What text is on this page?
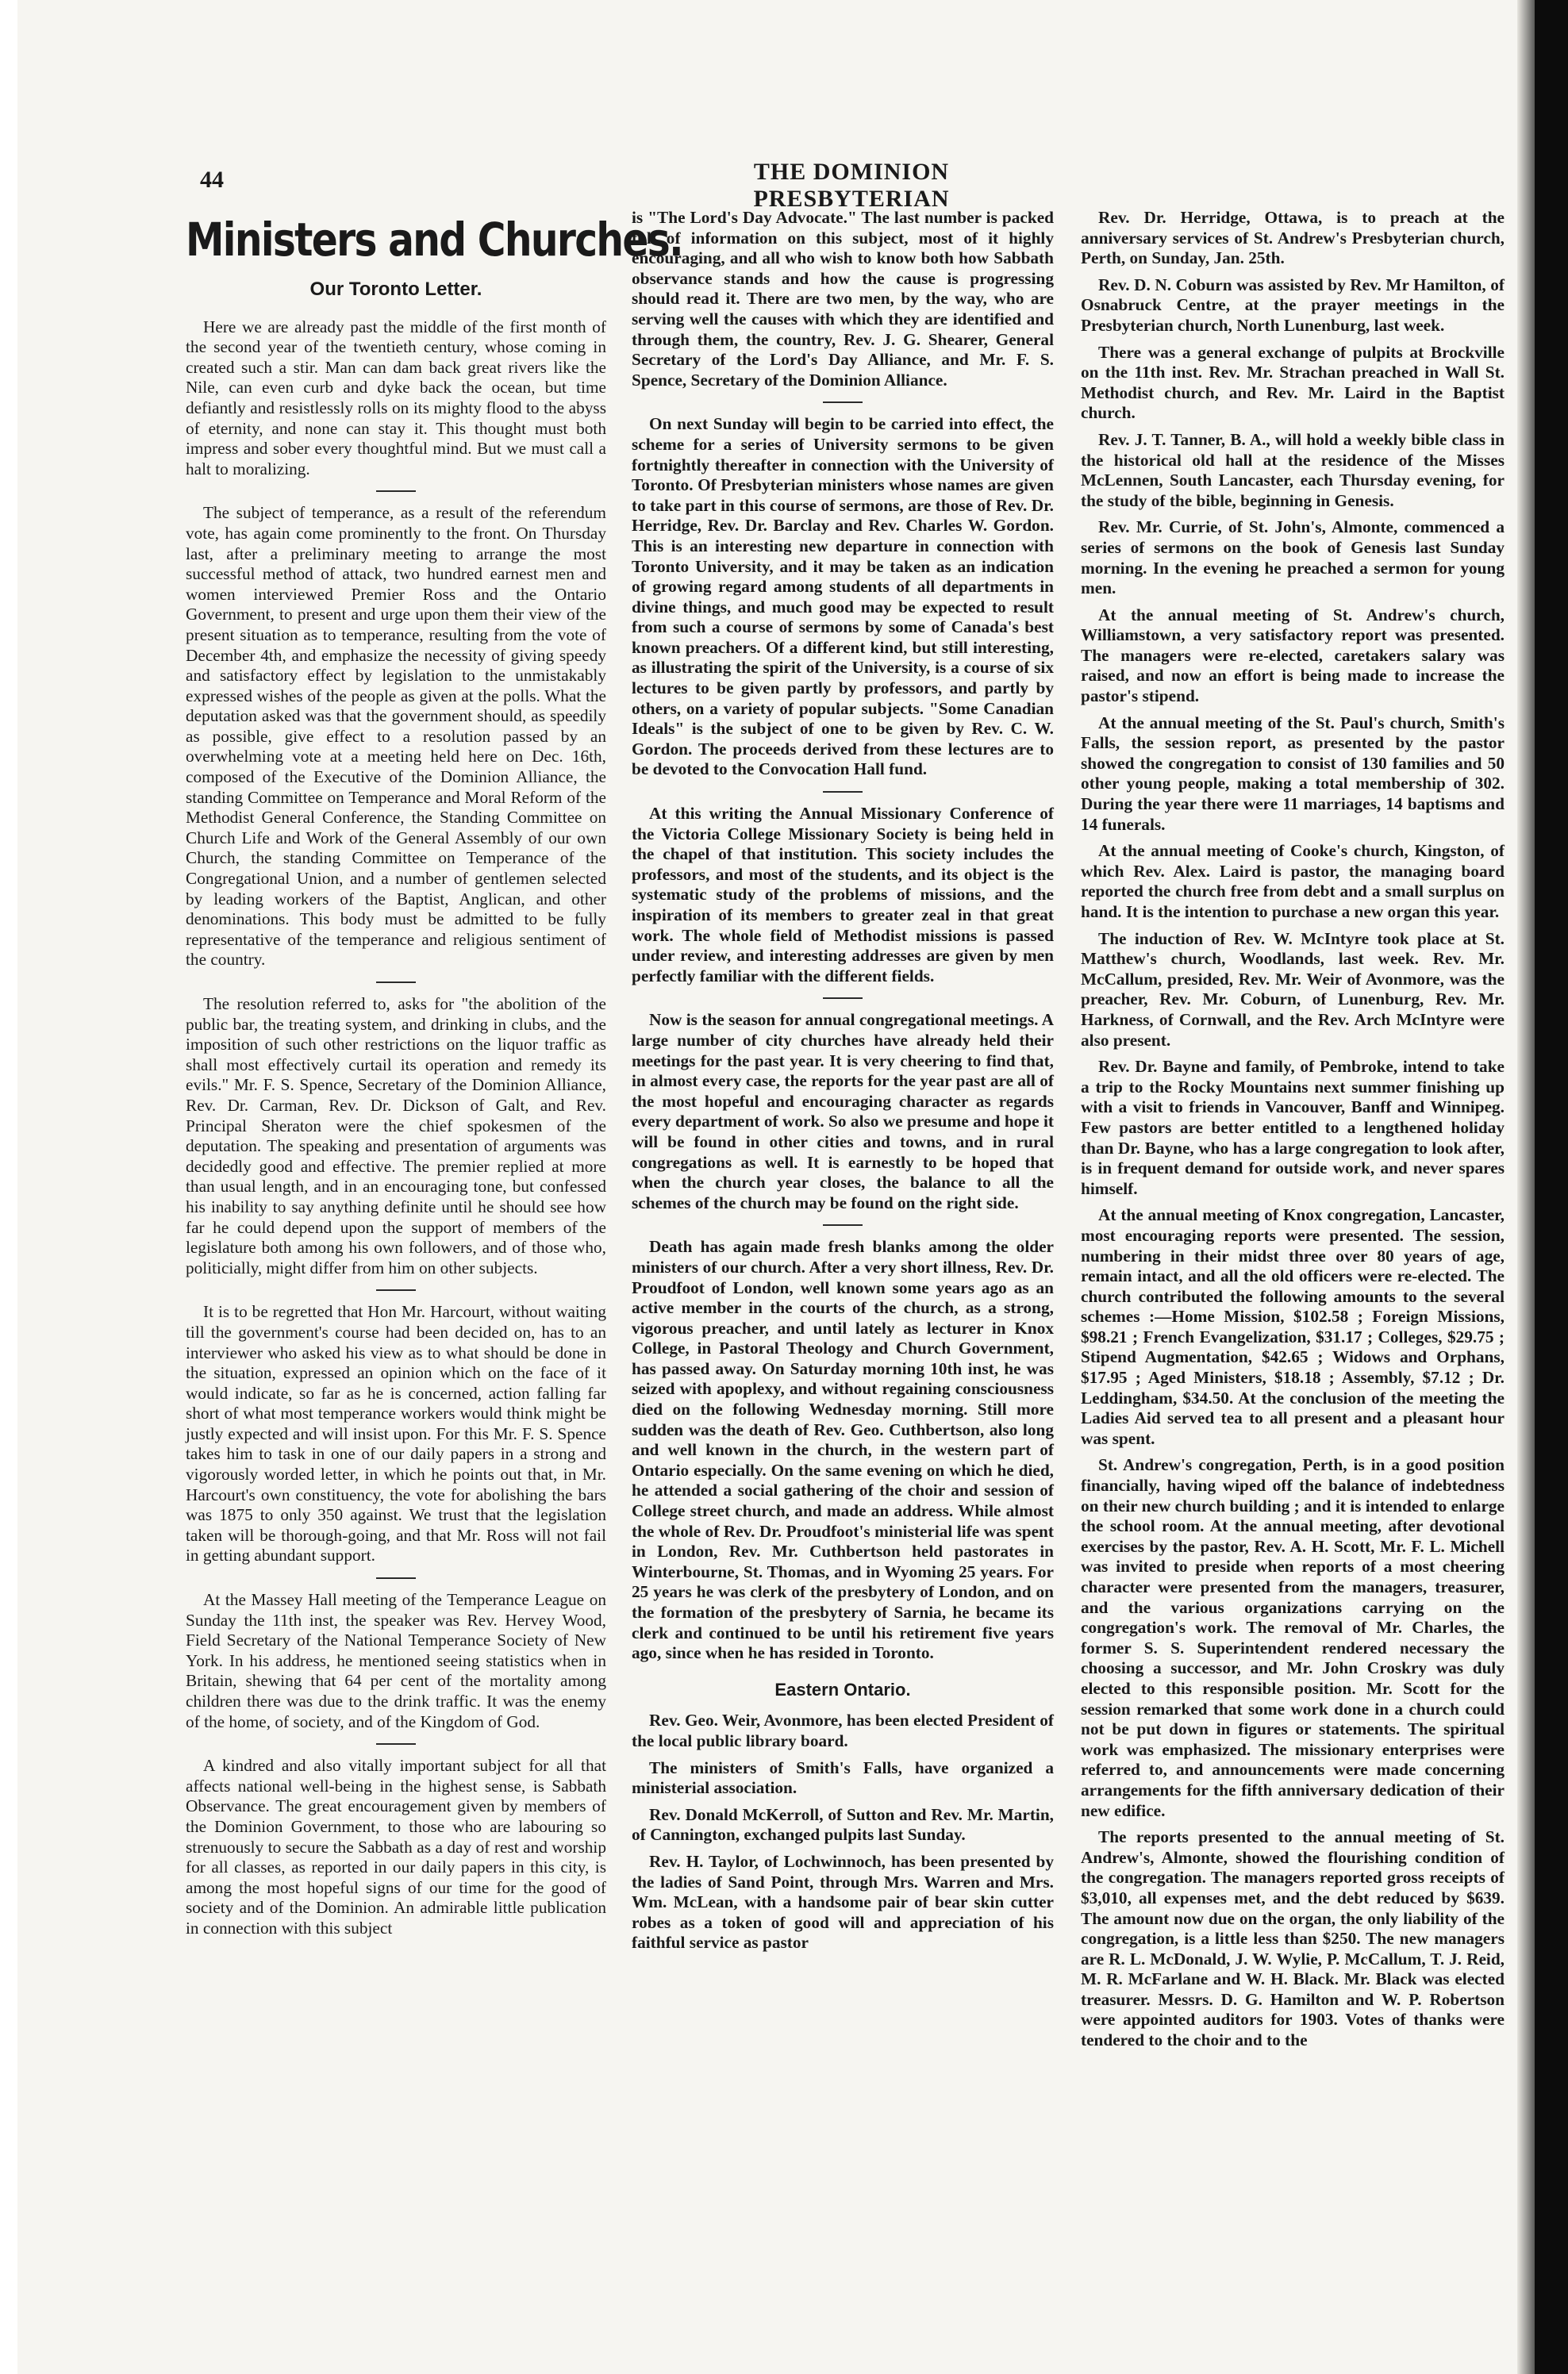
44	THE DOMINION PRESBYTERIAN
Ministers and Churches.
Our Toronto Letter.

Here we are already past the middle of the first month of the second year of the twentieth century, whose coming in created such a stir. Man can dam back great rivers like the Nile, can even curb and dyke back the ocean, but time defiantly and resistlessly rolls on its mighty flood to the abyss of eternity, and none can stay it. This thought must both impress and sober every thoughtful mind. But we must call a halt to moralizing.

The subject of temperance, as a result of the referendum vote, has again come prominently to the front. On Thursday last, after a preliminary meeting to arrange the most successful method of attack, two hundred earnest men and women interviewed Premier Ross and the Ontario Government, to present and urge upon them their view of the present situation as to temperance, resulting from the vote of December 4th, and emphasize the necessity of giving speedy and satisfactory effect by legislation to the unmistakably expressed wishes of the people as given at the polls. What the deputation asked was that the government should, as speedily as possible, give effect to a resolution passed by an overwhelming vote at a meeting held here on Dec. 16th, composed of the Executive of the Dominion Alliance, the standing Committee on Temperance and Moral Reform of the Methodist General Conference, the Standing Committee on Church Life and Work of the General Assembly of our own Church, the standing Committee on Temperance of the Congregational Union, and a number of gentlemen selected by leading workers of the Baptist, Anglican, and other denominations. This body must be admitted to be fully representative of the temperance and religious sentiment of the country.

The resolution referred to, asks for "the abolition of the public bar, the treating system, and drinking in clubs, and the imposition of such other restrictions on the liquor traffic as shall most effectively curtail its operation and remedy its evils." Mr. F. S. Spence, Secretary of the Dominion Alliance, Rev. Dr. Carman, Rev. Dr. Dickson of Galt, and Rev. Principal Sheraton were the chief spokesmen of the deputation. The speaking and presentation of arguments was decidedly good and effective. The premier replied at more than usual length, and in an encouraging tone, but confessed his inability to say anything definite until he should see how far he could depend upon the support of members of the legislature both among his own followers, and of those who, politicially, might differ from him on other subjects.

It is to be regretted that Hon Mr. Harcourt, without waiting till the government's course had been decided on, has to an interviewer who asked his view as to what should be done in the situation, expressed an opinion which on the face of it would indicate, so far as he is concerned, action falling far short of what most temperance workers would think might be justly expected and will insist upon. For this Mr. F. S. Spence takes him to task in one of our daily papers in a strong and vigorously worded letter, in which he points out that, in Mr. Harcourt's own constituency, the vote for abolishing the bars was 1875 to only 350 against. We trust that the legislation taken will be thorough-going, and that Mr. Ross will not fail in getting abundant support.

At the Massey Hall meeting of the Temperance League on Sunday the 11th inst, the speaker was Rev. Hervey Wood, Field Secretary of the National Temperance Society of New York. In his address, he mentioned seeing statistics when in Britain, shewing that 64 per cent of the mortality among children there was due to the drink traffic. It was the enemy of the home, of society, and of the Kingdom of God.

A kindred and also vitally important subject for all that affects national well-being in the highest sense, is Sabbath Observance. The great encouragement given by members of the Dominion Government, to those who are labouring so strenuously to secure the Sabbath as a day of rest and worship for all classes, as reported in our daily papers in this city, is among the most hopeful signs of our time for the good of society and of the Dominion. An admirable little publication in connection with this subject

is "The Lord's Day Advocate." The last number is packed full of information on this subject, most of it highly encouraging, and all who wish to know both how Sabbath observance stands and how the cause is progressing should read it. There are two men, by the way, who are serving well the causes with which they are identified and through them, the country, Rev. J. G. Shearer, General Secretary of the Lord's Day Alliance, and Mr. F. S. Spence, Secretary of the Dominion Alliance.

On next Sunday will begin to be carried into effect, the scheme for a series of University sermons to be given fortnightly thereafter in connection with the University of Toronto. Of Presbyterian ministers whose names are given to take part in this course of sermons, are those of Rev. Dr. Herridge, Rev. Dr. Barclay and Rev. Charles W. Gordon. This is an interesting new departure in connection with Toronto University, and it may be taken as an indication of growing regard among students of all departments in divine things, and much good may be expected to result from such a course of sermons by some of Canada's best known preachers. Of a different kind, but still interesting, as illustrating the spirit of the University, is a course of six lectures to be given partly by professors, and partly by others, on a variety of popular subjects. "Some Canadian Ideals" is the subject of one to be given by Rev. C. W. Gordon. The proceeds derived from these lectures are to be devoted to the Convocation Hall fund.

At this writing the Annual Missionary Conference of the Victoria College Missionary Society is being held in the chapel of that institution. This society includes the professors, and most of the students, and its object is the systematic study of the problems of missions, and the inspiration of its members to greater zeal in that great work. The whole field of Methodist missions is passed under review, and interesting addresses are given by men perfectly familiar with the different fields.

Now is the season for annual congregational meetings. A large number of city churches have already held their meetings for the past year. It is very cheering to find that, in almost every case, the reports for the year past are all of the most hopeful and encouraging character as regards every department of work. So also we presume and hope it will be found in other cities and towns, and in rural congregations as well. It is earnestly to be hoped that when the church year closes, the balance to all the schemes of the church may be found on the right side.

Death has again made fresh blanks among the older ministers of our church. After a very short illness, Rev. Dr. Proudfoot of London, well known some years ago as an active member in the courts of the church, as a strong, vigorous preacher, and until lately as lecturer in Knox College, in Pastoral Theology and Church Government, has passed away. On Saturday morning 10th inst, he was seized with apoplexy, and without regaining consciousness died on the following Wednesday morning. Still more sudden was the death of Rev. Geo. Cuthbertson, also long and well known in the church, in the western part of Ontario especially. On the same evening on which he died, he attended a social gathering of the choir and session of College street church, and made an address. While almost the whole of Rev. Dr. Proudfoot's ministerial life was spent in London, Rev. Mr. Cuthbertson held pastorates in Winterbourne, St. Thomas, and in Wyoming 25 years. For 25 years he was clerk of the presbytery of London, and on the formation of the presbytery of Sarnia, he became its clerk and continued to be until his retirement five years ago, since when he has resided in Toronto.

Eastern Ontario.

Rev. Geo. Weir, Avonmore, has been elected President of the local public library board.

The ministers of Smith's Falls, have organized a ministerial association.

Rev. Donald McKerroll, of Sutton and Rev. Mr. Martin, of Cannington, exchanged pulpits last Sunday.

Rev. H. Taylor, of Lochwinnoch, has been presented by the ladies of Sand Point, through Mrs. Warren and Mrs. Wm. McLean, with a handsome pair of bear skin cutter robes as a token of good will and appreciation of his faithful service as pastor

Rev. Dr. Herridge, Ottawa, is to preach at the anniversary services of St. Andrew's Presbyterian church, Perth, on Sunday, Jan. 25th.

Rev. D. N. Coburn was assisted by Rev. Mr Hamilton, of Osnabruck Centre, at the prayer meetings in the Presbyterian church, North Lunenburg, last week.

There was a general exchange of pulpits at Brockville on the 11th inst. Rev. Mr. Strachan preached in Wall St. Methodist church, and Rev. Mr. Laird in the Baptist church.

Rev. J. T. Tanner, B. A., will hold a weekly bible class in the historical old hall at the residence of the Misses McLennen, South Lancaster, each Thursday evening, for the study of the bible, beginning in Genesis.

Rev. Mr. Currie, of St. John's, Almonte, commenced a series of sermons on the book of Genesis last Sunday morning. In the evening he preached a sermon for young men.

At the annual meeting of St. Andrew's church, Williamstown, a very satisfactory report was presented. The managers were re-elected, caretakers salary was raised, and now an effort is being made to increase the pastor's stipend.

At the annual meeting of the St. Paul's church, Smith's Falls, the session report, as presented by the pastor showed the congregation to consist of 130 families and 50 other young people, making a total membership of 302. During the year there were 11 marriages, 14 baptisms and 14 funerals.

At the annual meeting of Cooke's church, Kingston, of which Rev. Alex. Laird is pastor, the managing board reported the church free from debt and a small surplus on hand. It is the intention to purchase a new organ this year.

The induction of Rev. W. McIntyre took place at St. Matthew's church, Woodlands, last week. Rev. Mr. McCallum, presided, Rev. Mr. Weir of Avonmore, was the preacher, Rev. Mr. Coburn, of Lunenburg, Rev. Mr. Harkness, of Cornwall, and the Rev. Arch McIntyre were also present.

Rev. Dr. Bayne and family, of Pembroke, intend to take a trip to the Rocky Mountains next summer finishing up with a visit to friends in Vancouver, Banff and Winnipeg. Few pastors are better entitled to a lengthened holiday than Dr. Bayne, who has a large congregation to look after, is in frequent demand for outside work, and never spares himself.

At the annual meeting of Knox congregation, Lancaster, most encouraging reports were presented. The session, numbering in their midst three over 80 years of age, remain intact, and all the old officers were re-elected. The church contributed the following amounts to the several schemes :—Home Mission, $102.58 ; Foreign Missions, $98.21 ; French Evangelization, $31.17 ; Colleges, $29.75 ; Stipend Augmentation, $42.65 ; Widows and Orphans, $17.95 ; Aged Ministers, $18.18 ; Assembly, $7.12 ; Dr. Leddingham, $34.50. At the conclusion of the meeting the Ladies Aid served tea to all present and a pleasant hour was spent.

St. Andrew's congregation, Perth, is in a good position financially, having wiped off the balance of indebtedness on their new church building ; and it is intended to enlarge the school room. At the annual meeting, after devotional exercises by the pastor, Rev. A. H. Scott, Mr. F. L. Michell was invited to preside when reports of a most cheering character were presented from the managers, treasurer, and the various organizations carrying on the congregation's work. The removal of Mr. Charles, the former S. S. Superintendent rendered necessary the choosing a successor, and Mr. John Croskry was duly elected to this responsible position. Mr. Scott for the session remarked that some work done in a church could not be put down in figures or statements. The spiritual work was emphasized. The missionary enterprises were referred to, and announcements were made concerning arrangements for the fifth anniversary dedication of their new edifice.

The reports presented to the annual meeting of St. Andrew's, Almonte, showed the flourishing condition of the congregation. The managers reported gross receipts of $3,010, all expenses met, and the debt reduced by $639. The amount now due on the organ, the only liability of the congregation, is a little less than $250. The new managers are R. L. McDonald, J. W. Wylie, P. McCallum, T. J. Reid, M. R. McFarlane and W. H. Black. Mr. Black was elected treasurer. Messrs. D. G. Hamilton and W. P. Robertson were appointed auditors for 1903. Votes of thanks were tendered to the choir and to the
